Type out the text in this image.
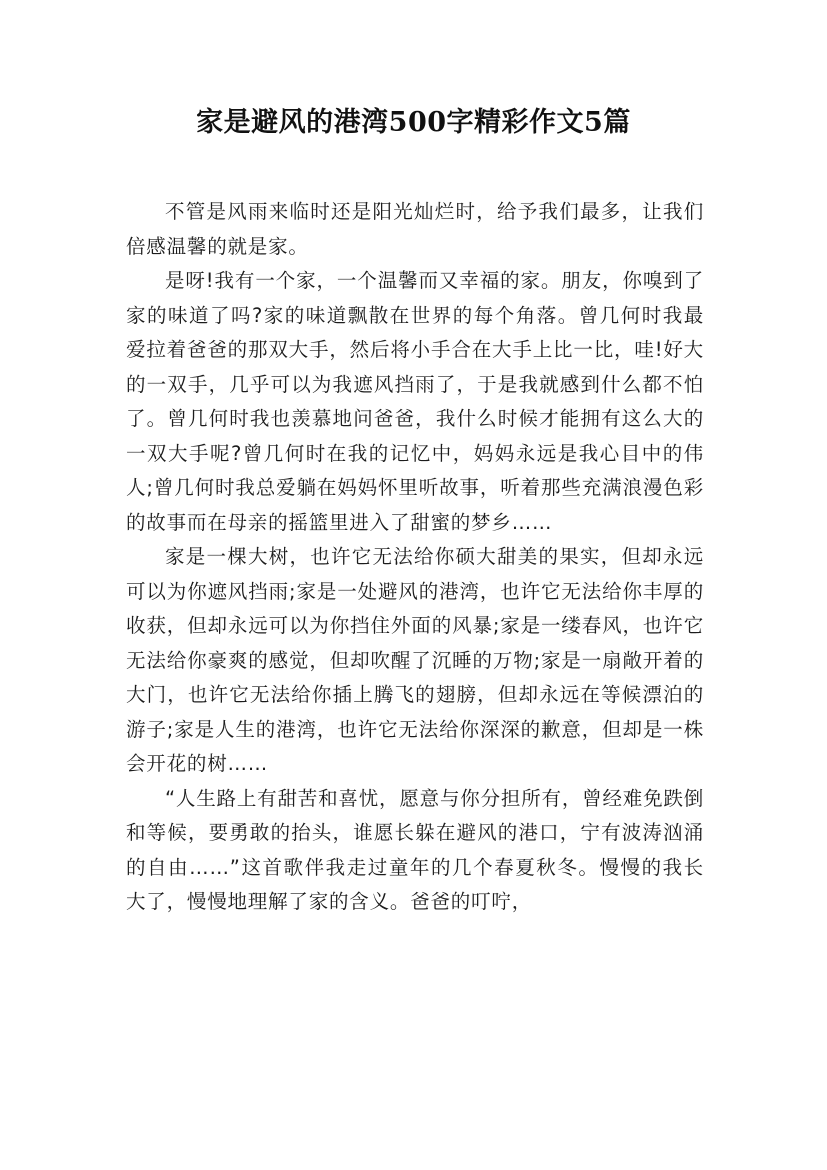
家是避风的港湾500字精彩作文5篇

不管是风雨来临时还是阳光灿烂时，给予我们最多，让我们倍感温馨的就是家。

是呀!我有一个家，一个温馨而又幸福的家。朋友，你嗅到了家的味道了吗?家的味道飘散在世界的每个角落。曾几何时我最爱拉着爸爸的那双大手，然后将小手合在大手上比一比，哇!好大的一双手，几乎可以为我遮风挡雨了，于是我就感到什么都不怕了。曾几何时我也羡慕地问爸爸，我什么时候才能拥有这么大的一双大手呢?曾几何时在我的记忆中，妈妈永远是我心目中的伟人;曾几何时我总爱躺在妈妈怀里听故事，听着那些充满浪漫色彩的故事而在母亲的摇篮里进入了甜蜜的梦乡……

家是一棵大树，也许它无法给你硕大甜美的果实，但却永远可以为你遮风挡雨;家是一处避风的港湾，也许它无法给你丰厚的收获，但却永远可以为你挡住外面的风暴;家是一缕春风，也许它无法给你豪爽的感觉，但却吹醒了沉睡的万物;家是一扇敞开着的大门，也许它无法给你插上腾飞的翅膀，但却永远在等候漂泊的游子;家是人生的港湾，也许它无法给你深深的歉意，但却是一株会开花的树……

“人生路上有甜苦和喜忧，愿意与你分担所有，曾经难免跌倒和等候，要勇敢的抬头，谁愿长躲在避风的港口，宁有波涛汹涌的自由……”这首歌伴我走过童年的几个春夏秋冬。慢慢的我长大了，慢慢地理解了家的含义。爸爸的叮咛，
